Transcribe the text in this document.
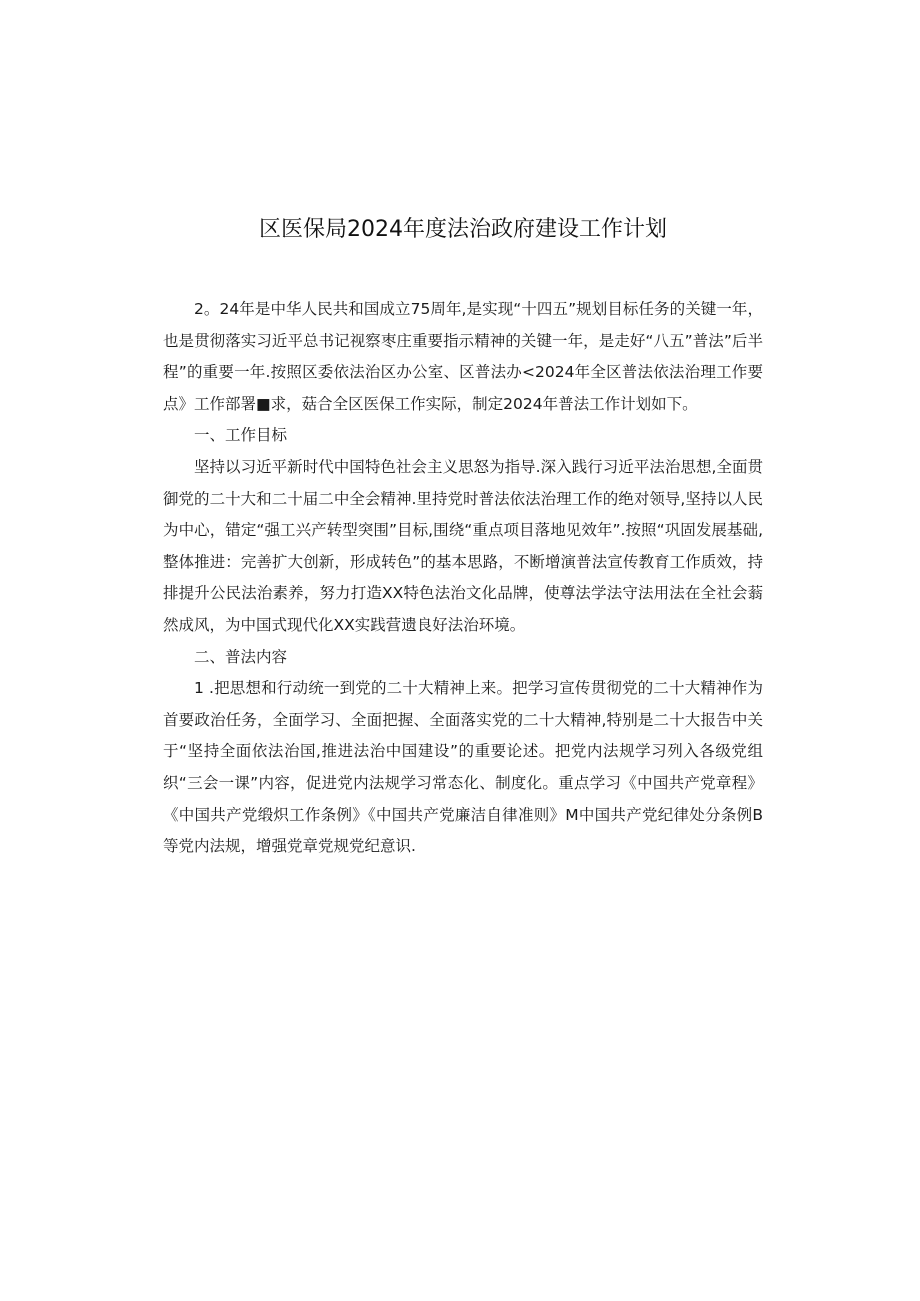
区医保局2024年度法治政府建设工作计划

2。24年是中华人民共和国成立75周年,是实现“十四五”规划目标任务的关键一年，也是贯彻落实习近平总书记视察枣庄重要指示精神的关键一年，是走好“八五”普法”后半程”的重要一年.按照区委依法治区办公室、区普法办<2024年全区普法依法治理工作要点》工作部署■求，菇合全区医保工作实际，制定2024年普法工作计划如下。

一、工作目标

坚持以习近平新时代中国特色社会主义思怒为指导.深入践行习近平法治思想,全面贯御党的二十大和二十届二中全会精神.里持党时普法依法治理工作的绝对领导,坚持以人民为中心，错定“强工兴产转型突围”目标,围绕“重点项目落地见效年”.按照“巩固发展基础,整体推进：完善扩大创新，形成转色”的基本思路，不断增演普法宣传教育工作质效，持排提升公民法治素养，努力打造XX特色法治文化品牌，使尊法学法守法用法在全社会蓊然成风，为中国式现代化XX实践营遗良好法治环境。

二、普法内容

1 .把思想和行动统一到党的二十大精神上来。把学习宣传贯彻党的二十大精神作为首要政治任务，全面学习、全面把握、全面落实党的二十大精神,特别是二十大报告中关于“坚持全面依法治国,推进法治中国建设”的重要论述。把党内法规学习列入各级党组织“三会一课”内容，促进党内法规学习常态化、制度化。重点学习《中国共产党章程》《中国共产党缎炽工作条例》《中国共产党廉洁自律准则》M中国共产党纪律处分条例B等党内法规，增强党章党规党纪意识.
